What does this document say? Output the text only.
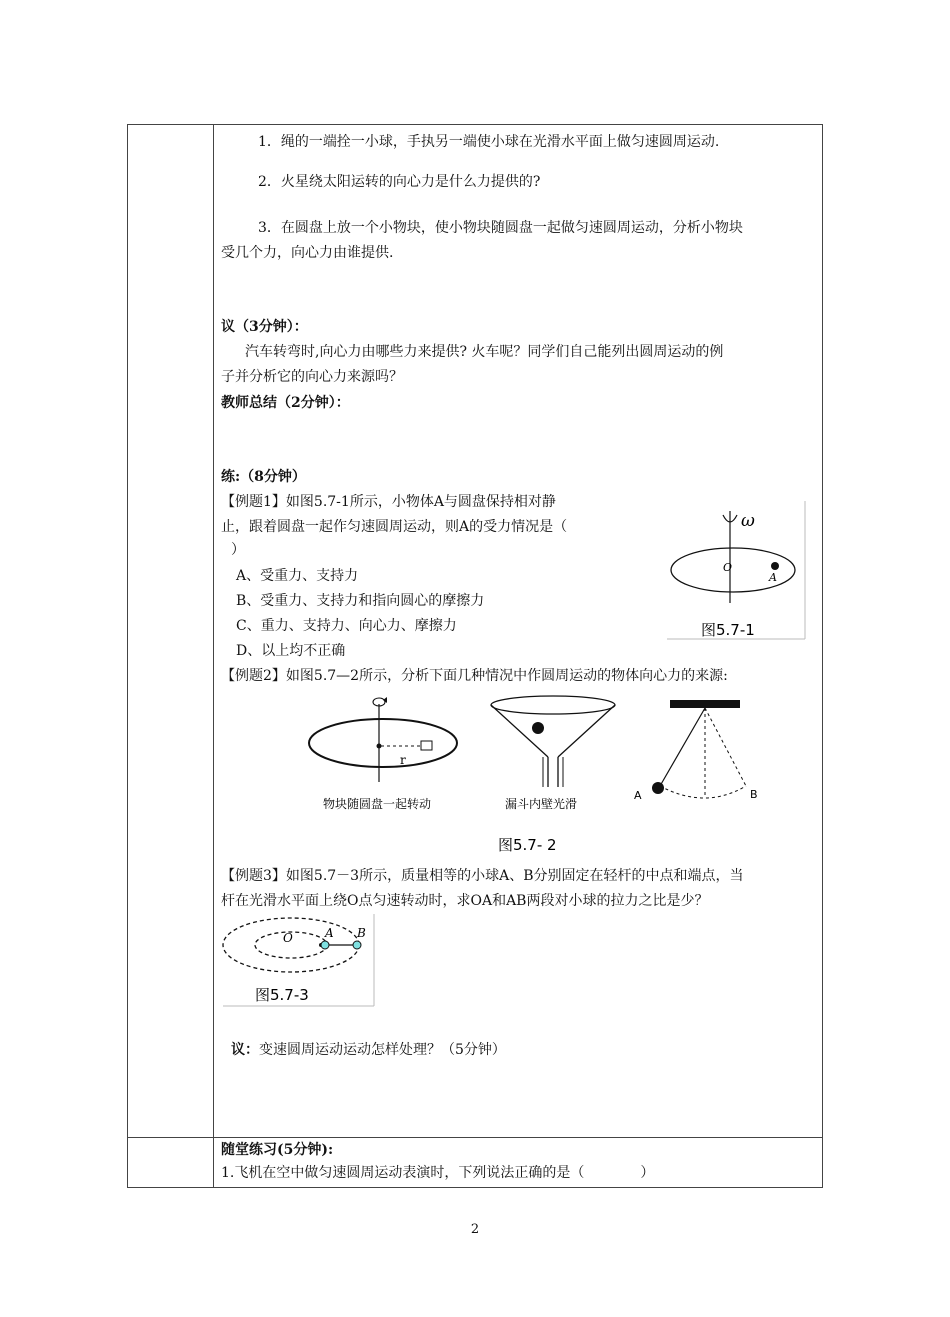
1．绳的一端拴一小球，手执另一端使小球在光滑水平面上做匀速圆周运动.
2．火星绕太阳运转的向心力是什么力提供的?
3．在圆盘上放一个小物块，使小物块随圆盘一起做匀速圆周运动，分析小物块
受几个力，向心力由谁提供.
议（3分钟）：
汽车转弯时,向心力由哪些力来提供? 火车呢？同学们自己能列出圆周运动的例
子并分析它的向心力来源吗？
教师总结（2分钟）：
练:（8分钟）
【例题1】如图5.7-1所示，小物体A与圆盘保持相对静
止，跟着圆盘一起作匀速圆周运动，则A的受力情况是（
）
A、受重力、支持力
B、受重力、支持力和指向圆心的摩擦力
C、重力、支持力、向心力、摩擦力
D、以上均不正确
ω
O
A
图5.7-1
【例题2】如图5.7—2所示，分析下面几种情况中作圆周运动的物体向心力的来源:
r
物块随圆盘一起转动	漏斗内壁光滑
A	B
图5.7- 2
【例题3】如图5.7－3所示，质量相等的小球A、B分别固定在轻杆的中点和端点，当
杆在光滑水平面上绕O点匀速转动时，求OA和AB两段对小球的拉力之比是少？
O	A B
图5.7-3
议：变速圆周运动运动怎样处理？（5分钟）
随堂练习(5分钟):
1.飞机在空中做匀速圆周运动表演时，下列说法正确的是（　　　　）
2
